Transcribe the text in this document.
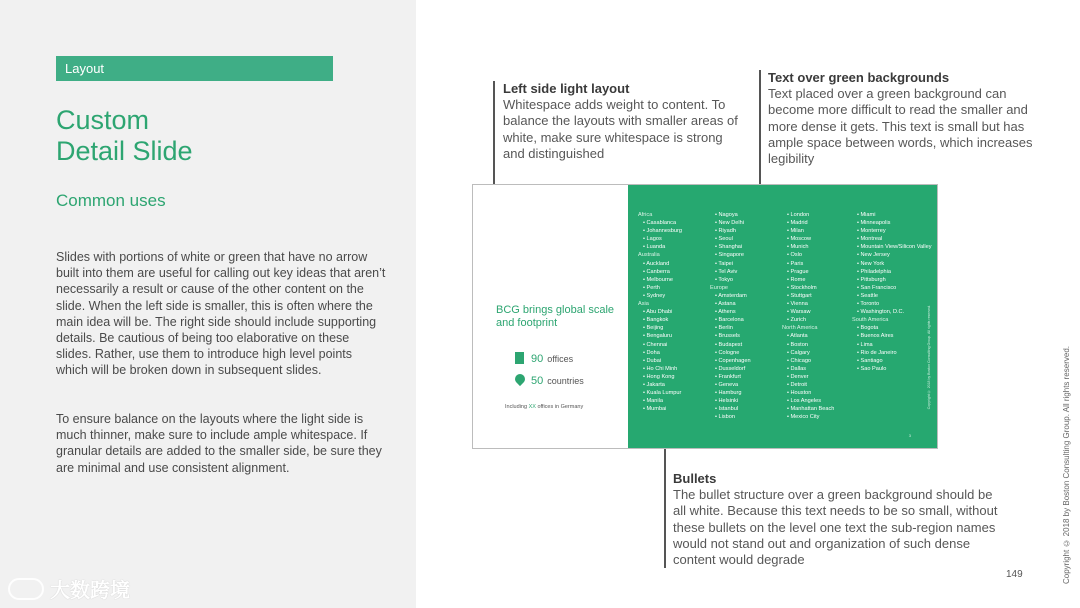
Layout
Custom
Detail Slide
Common uses

Slides with portions of white or green that have no arrow built into them are useful for calling out key ideas that aren’t necessarily a result or cause of the other content on the slide. When the left side is smaller, this is often where the main idea will be. The right side should include supporting details. Be cautious of being too elaborative on these slides. Rather, use them to introduce high level points which will be broken down in subsequent slides.

To ensure balance on the layouts where the light side is much thinner, make sure to include ample whitespace. If granular details are added to the smaller side, be sure they are minimal and use consistent alignment.

大数跨境
Left side light layout
Whitespace adds weight to content. To balance the layouts with smaller areas of white, make sure whitespace is strong and distinguished
Text over green backgrounds
Text placed over a green background can become more difficult to read the smaller and more dense it gets. This text is small but has ample space between words, which increases legibility
Bullets
The bullet structure over a green background should be all white. Because this text needs to be so small, without these bullets on the level one text the sub-region names would not stand out and organization of such dense content would degrade
BCG brings global scale and footprint
90 offices
50 countries
Including XX offices in Germany
Africa
• Casablanca
• Johannesburg
• Lagos
• Luanda
Australia
• Auckland
• Canberra
• Melbourne
• Perth
• Sydney
Asia
• Abu Dhabi
• Bangkok
• Beijing
• Bengaluru
• Chennai
• Doha
• Dubai
• Ho Chi Minh
• Hong Kong
• Jakarta
• Kuala Lumpur
• Manila
• Mumbai
• Nagoya
• New Delhi
• Riyadh
• Seoul
• Shanghai
• Singapore
• Taipei
• Tel Aviv
• Tokyo
Europe
• Amsterdam
• Astana
• Athens
• Barcelona
• Berlin
• Brussels
• Budapest
• Cologne
• Copenhagen
• Dusseldorf
• Frankfurt
• Geneva
• Hamburg
• Helsinki
• Istanbul
• Lisbon
• London
• Madrid
• Milan
• Moscow
• Munich
• Oslo
• Paris
• Prague
• Rome
• Stockholm
• Stuttgart
• Vienna
• Warsaw
• Zurich
North America
• Atlanta
• Boston
• Calgary
• Chicago
• Dallas
• Denver
• Detroit
• Houston
• Los Angeles
• Manhattan Beach
• Mexico City
• Miami
• Minneapolis
• Monterrey
• Montreal
• Mountain View/Silicon Valley
• New Jersey
• New York
• Philadelphia
• Pittsburgh
• San Francisco
• Seattle
• Toronto
• Washington, D.C.
South America
• Bogota
• Buenos Aires
• Lima
• Rio de Janeiro
• Santiago
• Sao Paulo	Copyright © 2018 by Boston Consulting Group. All rights reserved.
3	Copyright © 2018 by Boston Consulting Group. All rights reserved.
149
